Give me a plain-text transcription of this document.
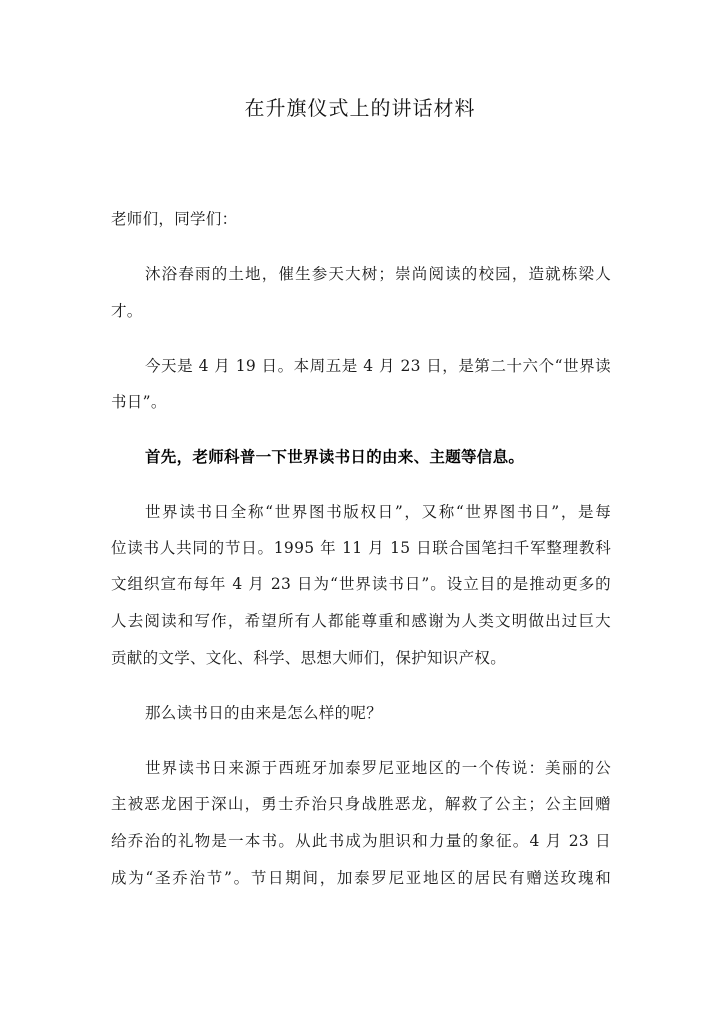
在升旗仪式上的讲话材料
老师们，同学们：
沐浴春雨的土地，催生参天大树；崇尚阅读的校园，造就栋梁人
才。
今天是 4 月 19 日。本周五是 4 月 23 日，是第二十六个“世界读
书日”。
首先，老师科普一下世界读书日的由来、主题等信息。
世界读书日全称“世界图书版权日”，又称“世界图书日”，是每
位读书人共同的节日。1995 年 11 月 15 日联合国笔扫千军整理教科
文组织宣布每年 4 月 23 日为“世界读书日”。设立目的是推动更多的
人去阅读和写作，希望所有人都能尊重和感谢为人类文明做出过巨大
贡献的文学、文化、科学、思想大师们，保护知识产权。
那么读书日的由来是怎么样的呢？
世界读书日来源于西班牙加泰罗尼亚地区的一个传说：美丽的公
主被恶龙困于深山，勇士乔治只身战胜恶龙，解救了公主；公主回赠
给乔治的礼物是一本书。从此书成为胆识和力量的象征。4 月 23 日
成为“圣乔治节”。节日期间，加泰罗尼亚地区的居民有赠送玫瑰和
